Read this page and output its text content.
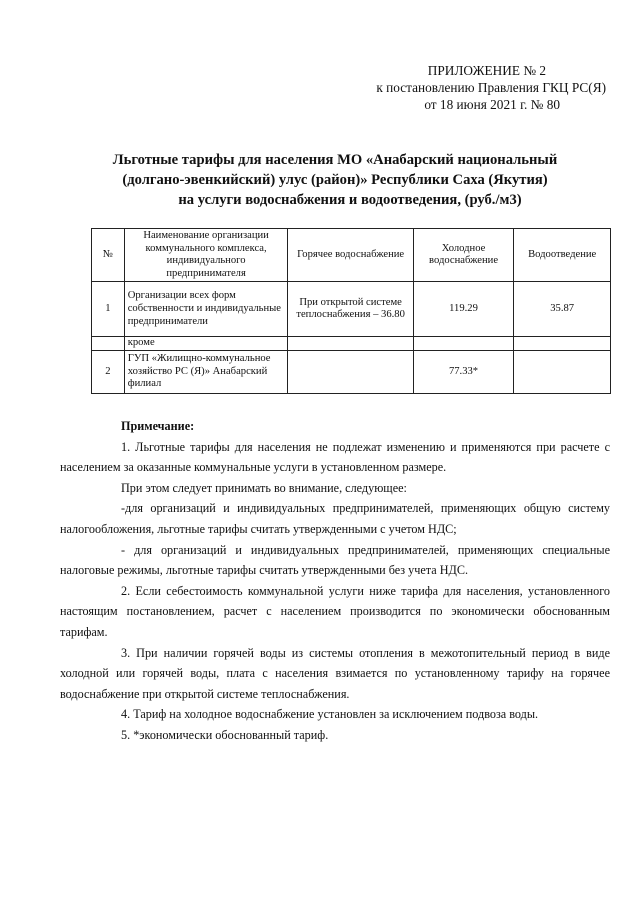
ПРИЛОЖЕНИЕ № 2
к постановлению Правления ГКЦ РС(Я)
от 18 июня 2021 г. № 80
Льготные тарифы для населения МО «Анабарский национальный
(долгано-эвенкийский) улус (район)» Республики Саха (Якутия)
на услуги водоснабжения и водоотведения, (руб./м3)
№	Наименование организации коммунального комплекса, индивидуального предпринимателя	Горячее водоснабжение	Холодное водоснабжение	Водоотведение
1	Организации всех форм собственности и индивидуальные предприниматели	При открытой системе теплоснабжения – 36.80	119.29	35.87
	кроме			
2	ГУП «Жилищно-коммунальное хозяйство РС (Я)» Анабарский филиал		77.33*	
Примечание:

1. Льготные тарифы для населения не подлежат изменению и применяются при расчете с населением за оказанные коммунальные услуги в установленном размере.

При этом следует принимать во внимание, следующее:

-для организаций и индивидуальных предпринимателей, применяющих общую систему налогообложения, льготные тарифы считать утвержденными с учетом НДС;

- для организаций и индивидуальных предпринимателей, применяющих специальные налоговые режимы, льготные тарифы считать утвержденными без учета НДС.

2. Если себестоимость коммунальной услуги ниже тарифа для населения, установленного настоящим постановлением, расчет с населением производится по экономически обоснованным тарифам.

3. При наличии горячей воды из системы отопления в межотопительный период в виде холодной или горячей воды, плата с населения взимается по установленному тарифу на горячее водоснабжение при открытой системе теплоснабжения.

4. Тариф на холодное водоснабжение установлен за исключением подвоза воды.

5. *экономически обоснованный тариф.
